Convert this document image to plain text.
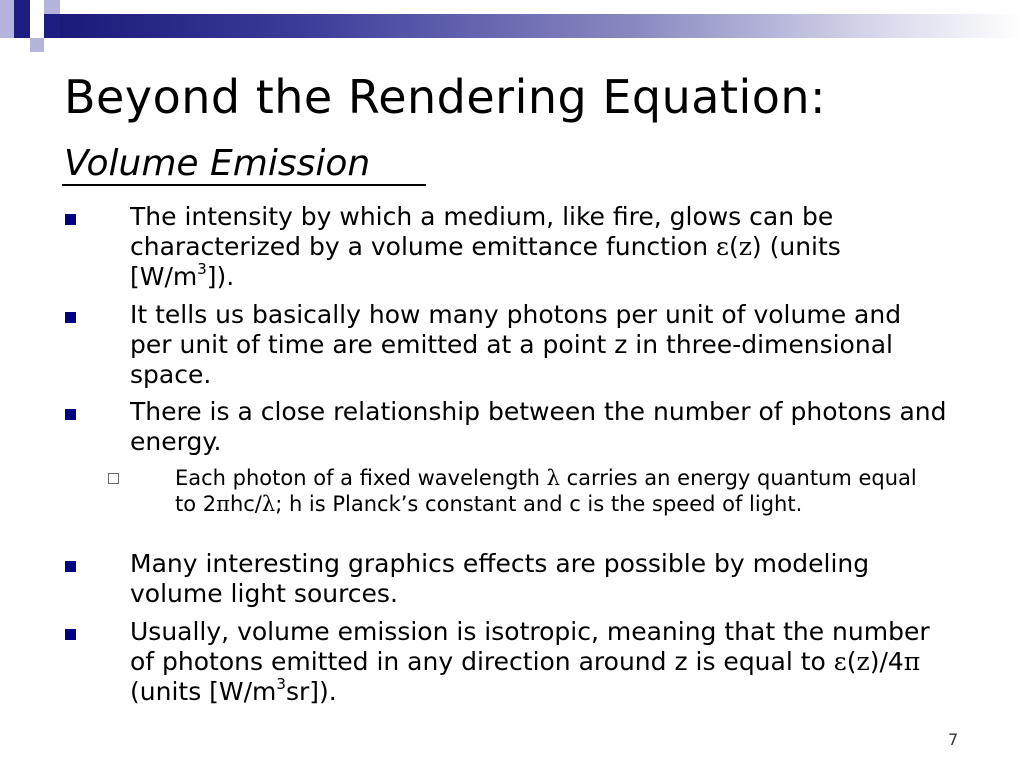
Beyond the Rendering Equation:
Volume Emission
The intensity by which a medium, like fire, glows can be characterized by a volume emittance function ε(z) (units $[W/m^3]$).
It tells us basically how many photons per unit of volume and per unit of time are emitted at a point z in three-dimensional space.
There is a close relationship between the number of photons and energy.
Each photon of a fixed wavelength λ carries an energy quantum equal to 2πhc/λ; h is Planck’s constant and c is the speed of light.
Many interesting graphics effects are possible by modeling volume light sources.
Usually, volume emission is isotropic, meaning that the number of photons emitted in any direction around z is equal to ε(z)/4π (units $[W/m^3sr]$).
7
